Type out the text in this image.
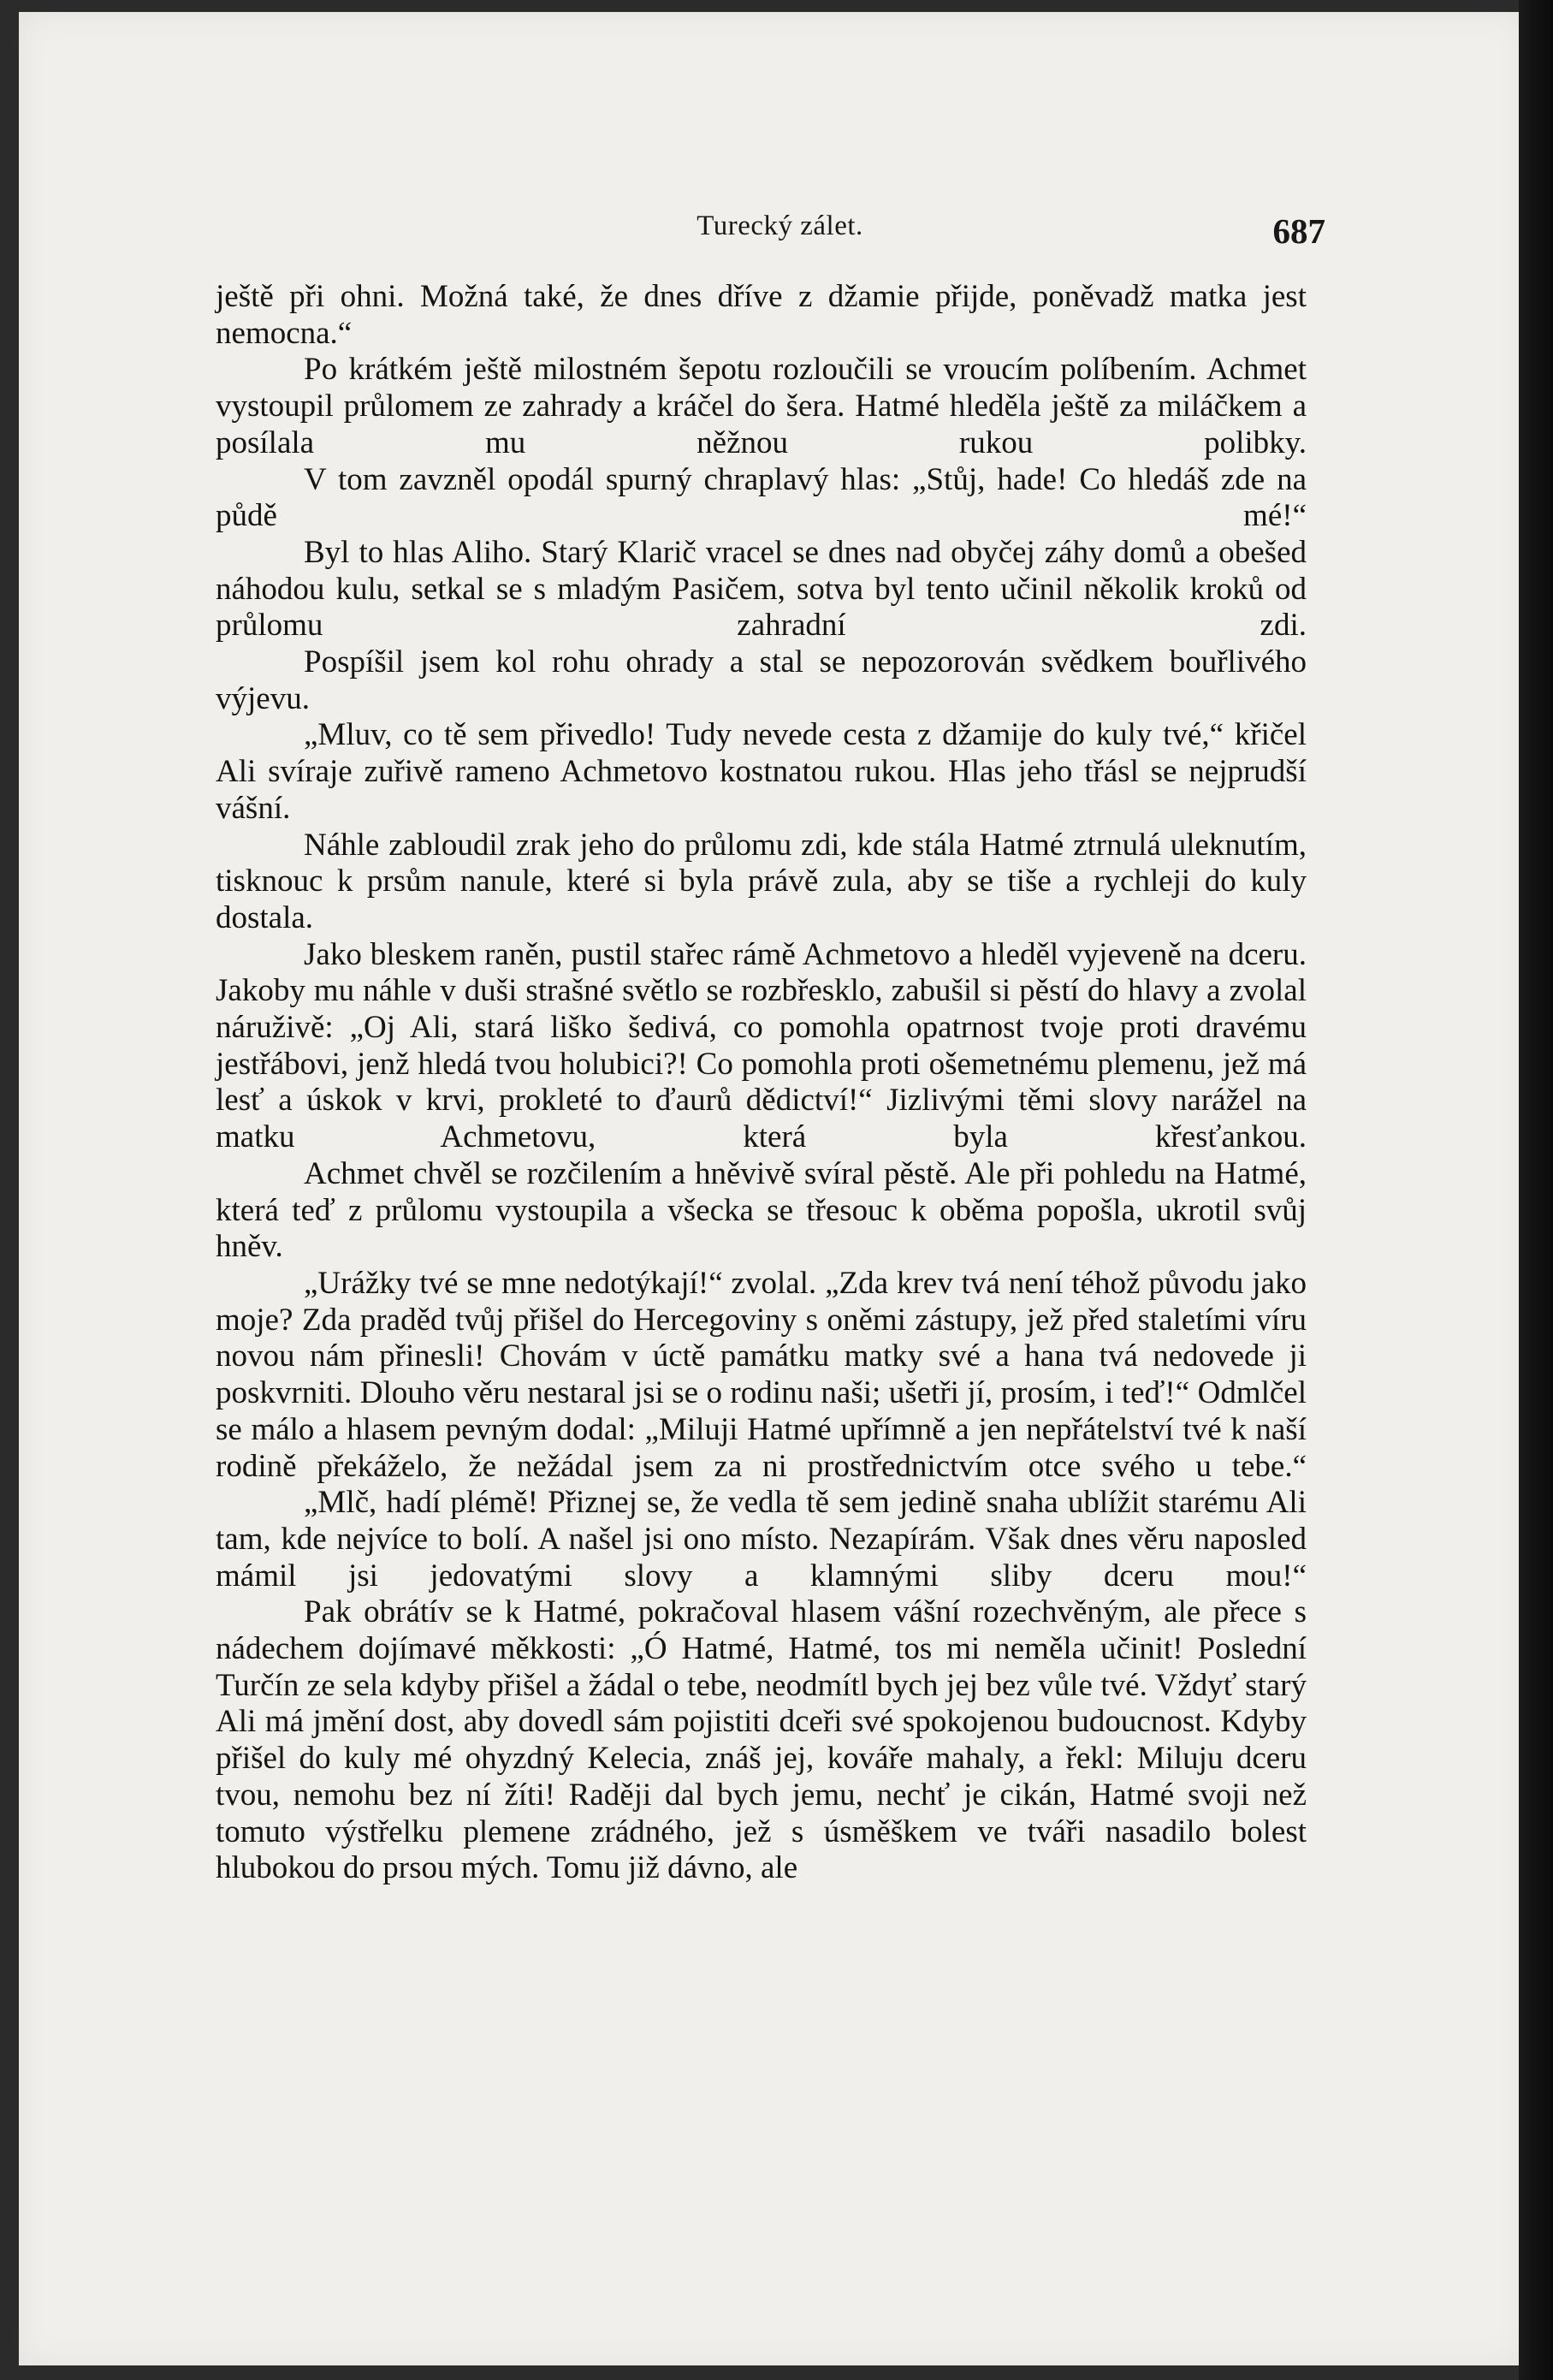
Turecký zálet.	687

ještě při ohni. Možná také, že dnes dříve z džamie přijde, poněvadž matka jest nemocna.“

Po krátkém ještě milostném šepotu rozloučili se vroucím políbením. Achmet vystoupil průlomem ze zahrady a kráčel do šera. Hatmé hleděla ještě za miláčkem a posílala mu něžnou rukou polibky.

V tom zavzněl opodál spurný chraplavý hlas: „Stůj, hade! Co hledáš zde na půdě mé!“

Byl to hlas Aliho. Starý Klarič vracel se dnes nad obyčej záhy domů a obešed náhodou kulu, setkal se s mladým Pasičem, sotva byl tento učinil několik kroků od průlomu zahradní zdi.

Pospíšil jsem kol rohu ohrady a stal se nepozorován svědkem bouřlivého výjevu.

„Mluv, co tě sem přivedlo! Tudy nevede cesta z džamije do kuly tvé,“ křičel Ali svíraje zuřivě rameno Achmetovo kostnatou rukou. Hlas jeho třásl se nejprudší vášní.

Náhle zabloudil zrak jeho do průlomu zdi, kde stála Hatmé ztrnulá uleknutím, tisknouc k prsům nanule, které si byla právě zula, aby se tiše a rychleji do kuly dostala.

Jako bleskem raněn, pustil stařec rámě Achmetovo a hleděl vyjeveně na dceru. Jakoby mu náhle v duši strašné světlo se rozbřesklo, zabušil si pěstí do hlavy a zvolal náruživě: „Oj Ali, stará liško šedivá, co pomohla opatrnost tvoje proti dravému jestřábovi, jenž hledá tvou holubici?! Co pomohla proti ošemetnému plemenu, jež má lesť a úskok v krvi, prokleté to ďaurů dědictví!“ Jizlivými těmi slovy narážel na matku Achmetovu, která byla křesťankou.

Achmet chvěl se rozčilením a hněvivě svíral pěstě. Ale při pohledu na Hatmé, která teď z průlomu vystoupila a všecka se třesouc k oběma popošla, ukrotil svůj hněv.

„Urážky tvé se mne nedotýkají!“ zvolal. „Zda krev tvá není téhož původu jako moje? Zda praděd tvůj přišel do Hercegoviny s oněmi zástupy, jež před staletími víru novou nám přinesli! Chovám v úctě památku matky své a hana tvá nedovede ji poskvrniti. Dlouho věru nestaral jsi se o rodinu naši; ušetři jí, prosím, i teď!“ Odmlčel se málo a hlasem pevným dodal: „Miluji Hatmé upřímně a jen nepřátelství tvé k naší rodině překáželo, že nežádal jsem za ni prostřednictvím otce svého u tebe.“

„Mlč, hadí plémě! Přiznej se, že vedla tě sem jedině snaha ublížit starému Ali tam, kde nejvíce to bolí. A našel jsi ono místo. Nezapírám. Však dnes věru naposled mámil jsi jedovatými slovy a klamnými sliby dceru mou!“

Pak obrátív se k Hatmé, pokračoval hlasem vášní rozechvěným, ale přece s nádechem dojímavé měkkosti: „Ó Hatmé, Hatmé, tos mi neměla učinit! Poslední Turčín ze sela kdyby přišel a žádal o tebe, neodmítl bych jej bez vůle tvé. Vždyť starý Ali má jmění dost, aby dovedl sám pojistiti dceři své spokojenou budoucnost. Kdyby přišel do kuly mé ohyzdný Kelecia, znáš jej, kováře mahaly, a řekl: Miluju dceru tvou, nemohu bez ní žíti! Raději dal bych jemu, nechť je cikán, Hatmé svoji než tomuto výstřelku plemene zrádného, jež s úsměškem ve tváři nasadilo bolest hlubokou do prsou mých. Tomu již dávno, ale
